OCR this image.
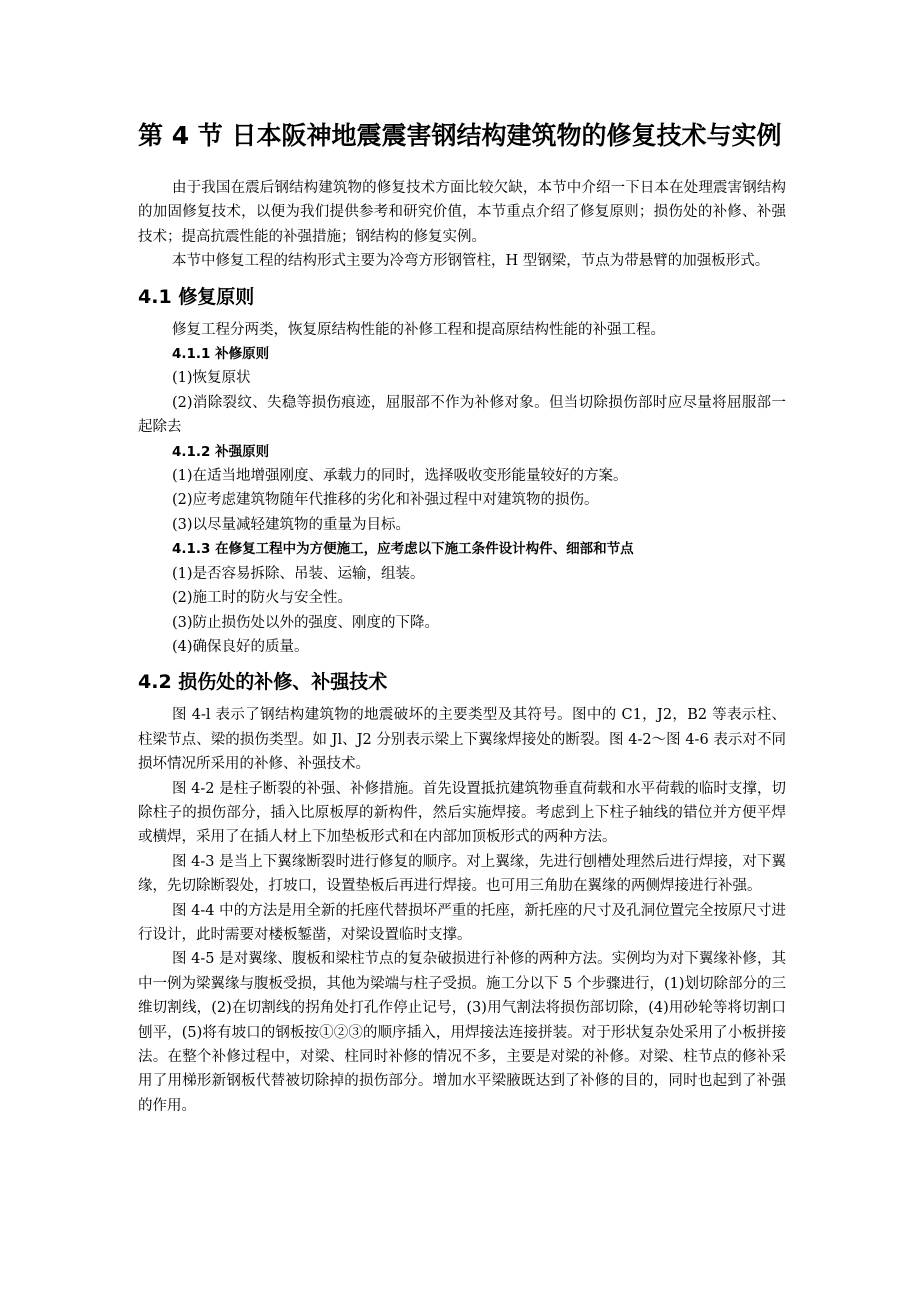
第 4 节 日本阪神地震震害钢结构建筑物的修复技术与实例

由于我国在震后钢结构建筑物的修复技术方面比较欠缺，本节中介绍一下日本在处理震害钢结构的加固修复技术，以便为我们提供参考和研究价值，本节重点介绍了修复原则；损伤处的补修、补强技术；提高抗震性能的补强措施；钢结构的修复实例。

本节中修复工程的结构形式主要为冷弯方形钢管柱，H 型钢梁，节点为带悬臂的加强板形式。

4.1 修复原则

修复工程分两类，恢复原结构性能的补修工程和提高原结构性能的补强工程。

4.1.1 补修原则

(1)恢复原状

(2)消除裂纹、失稳等损伤痕迹，屈服部不作为补修对象。但当切除损伤部时应尽量将屈服部一起除去

4.1.2 补强原则

(1)在适当地增强刚度、承载力的同时，选择吸收变形能量较好的方案。

(2)应考虑建筑物随年代推移的劣化和补强过程中对建筑物的损伤。

(3)以尽量减轻建筑物的重量为目标。

4.1.3 在修复工程中为方便施工，应考虑以下施工条件设计构件、细部和节点

(1)是否容易拆除、吊装、运输，组装。

(2)施工时的防火与安全性。

(3)防止损伤处以外的强度、刚度的下降。

(4)确保良好的质量。

4.2 损伤处的补修、补强技术

图 4-l 表示了钢结构建筑物的地震破坏的主要类型及其符号。图中的 C1，J2，B2 等表示柱、柱梁节点、梁的损伤类型。如 Jl、J2 分别表示梁上下翼缘焊接处的断裂。图 4-2～图 4-6 表示对不同损坏情况所采用的补修、补强技术。

图 4-2 是柱子断裂的补强、补修措施。首先设置抵抗建筑物垂直荷载和水平荷载的临时支撑，切除柱子的损伤部分，插入比原板厚的新构件，然后实施焊接。考虑到上下柱子轴线的错位并方便平焊或横焊，采用了在插人材上下加垫板形式和在内部加顶板形式的两种方法。

图 4-3 是当上下翼缘断裂时进行修复的顺序。对上翼缘，先进行刨槽处理然后进行焊接，对下翼缘，先切除断裂处，打坡口，设置垫板后再进行焊接。也可用三角肋在翼缘的两侧焊接进行补强。

图 4-4 中的方法是用全新的托座代替损坏严重的托座，新托座的尺寸及孔洞位置完全按原尺寸进行设计，此时需要对楼板錾凿，对梁设置临时支撑。

图 4-5 是对翼缘、腹板和梁柱节点的复杂破损进行补修的两种方法。实例均为对下翼缘补修，其中一例为梁翼缘与腹板受损，其他为梁端与柱子受损。施工分以下 5 个步骤进行，(1)划切除部分的三维切割线，(2)在切割线的拐角处打孔作停止记号，(3)用气割法将损伤部切除，(4)用砂轮等将切割口刨平，(5)将有坡口的钢板按①②③的顺序插入，用焊接法连接拼装。对于形状复杂处采用了小板拼接法。在整个补修过程中，对梁、柱同时补修的情况不多，主要是对梁的补修。对梁、柱节点的修补采用了用梯形新钢板代替被切除掉的损伤部分。增加水平梁腋既达到了补修的目的，同时也起到了补强的作用。
